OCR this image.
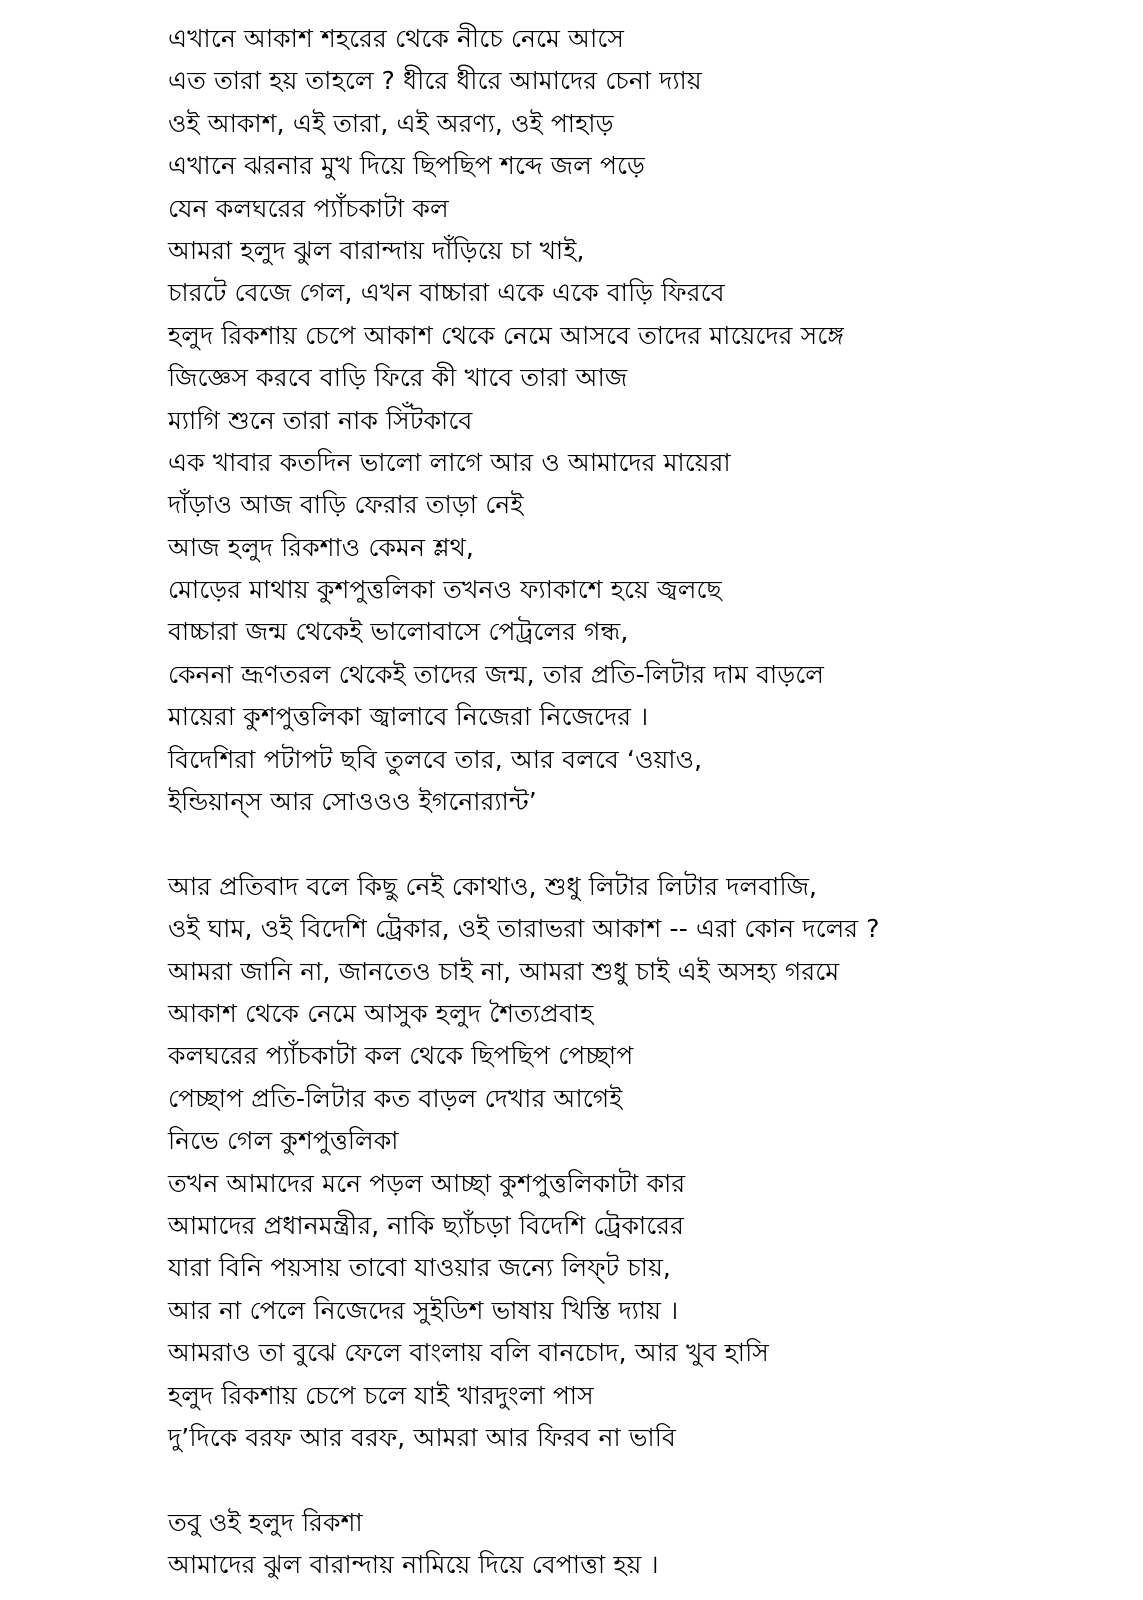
এখানে আকাশ শহরের থেকে নীচে নেমে আসে
এত তারা হয় তাহলে ? ধীরে ধীরে আমাদের চেনা দ্যায়
ওই আকাশ, এই তারা, এই অরণ্য, ওই পাহাড়
এখানে ঝরনার মুখ দিয়ে ছিপছিপ শব্দে জল পড়ে
যেন কলঘরের প্যাঁচকাটা কল
আমরা হলুদ ঝুল বারান্দায় দাঁড়িয়ে চা খাই,
চারটে বেজে গেল, এখন বাচ্চারা একে একে বাড়ি ফিরবে
হলুদ রিকশায় চেপে আকাশ থেকে নেমে আসবে তাদের মায়েদের সঙ্গে
জিজ্ঞেস করবে বাড়ি ফিরে কী খাবে তারা আজ
ম্যাগি শুনে তারা নাক সিঁটকাবে
এক খাবার কতদিন ভালো লাগে আর ও আমাদের মায়েরা
দাঁড়াও আজ বাড়ি ফেরার তাড়া নেই
আজ হলুদ রিকশাও কেমন শ্লথ,
মোড়ের মাথায় কুশপুত্তলিকা তখনও ফ্যাকাশে হয়ে জ্বলছে
বাচ্চারা জন্ম থেকেই ভালোবাসে পেট্রলের গন্ধ,
কেননা ভ্রূণতরল থেকেই তাদের জন্ম, তার প্রতি-লিটার দাম বাড়লে
মায়েরা কুশপুত্তলিকা জ্বালাবে নিজেরা নিজেদের ।
বিদেশিরা পটাপট ছবি তুলবে তার, আর বলবে ‘ওয়াও,
ইন্ডিয়ান্‌স আর সোওওও ইগনোর‍্যান্ট’
আর প্রতিবাদ বলে কিছু নেই কোথাও, শুধু লিটার লিটার দলবাজি,
ওই ঘাম, ওই বিদেশি ট্রেকার, ওই তারাভরা আকাশ -- এরা কোন দলের ?
আমরা জানি না, জানতেও চাই না, আমরা শুধু চাই এই অসহ্য গরমে
আকাশ থেকে নেমে আসুক হলুদ শৈত্যপ্রবাহ
কলঘরের প্যাঁচকাটা কল থেকে ছিপছিপ পেচ্ছাপ
পেচ্ছাপ প্রতি-লিটার কত বাড়ল দেখার আগেই
নিভে গেল কুশপুত্তলিকা
তখন আমাদের মনে পড়ল আচ্ছা কুশপুত্তলিকাটা কার
আমাদের প্রধানমন্ত্রীর, নাকি ছ্যাঁচড়া বিদেশি ট্রেকারের
যারা বিনি পয়সায় তাবো যাওয়ার জন্যে লিফ্‌ট চায়,
আর না পেলে নিজেদের সুইডিশ ভাষায় খিস্তি দ্যায় ।
আমরাও তা বুঝে ফেলে বাংলায় বলি বানচোদ, আর খুব হাসি
হলুদ রিকশায় চেপে চলে যাই খারদুংলা পাস
দু’দিকে বরফ আর বরফ, আমরা আর ফিরব না ভাবি
তবু ওই হলুদ রিকশা
আমাদের ঝুল বারান্দায় নামিয়ে দিয়ে বেপাত্তা হয় ।
